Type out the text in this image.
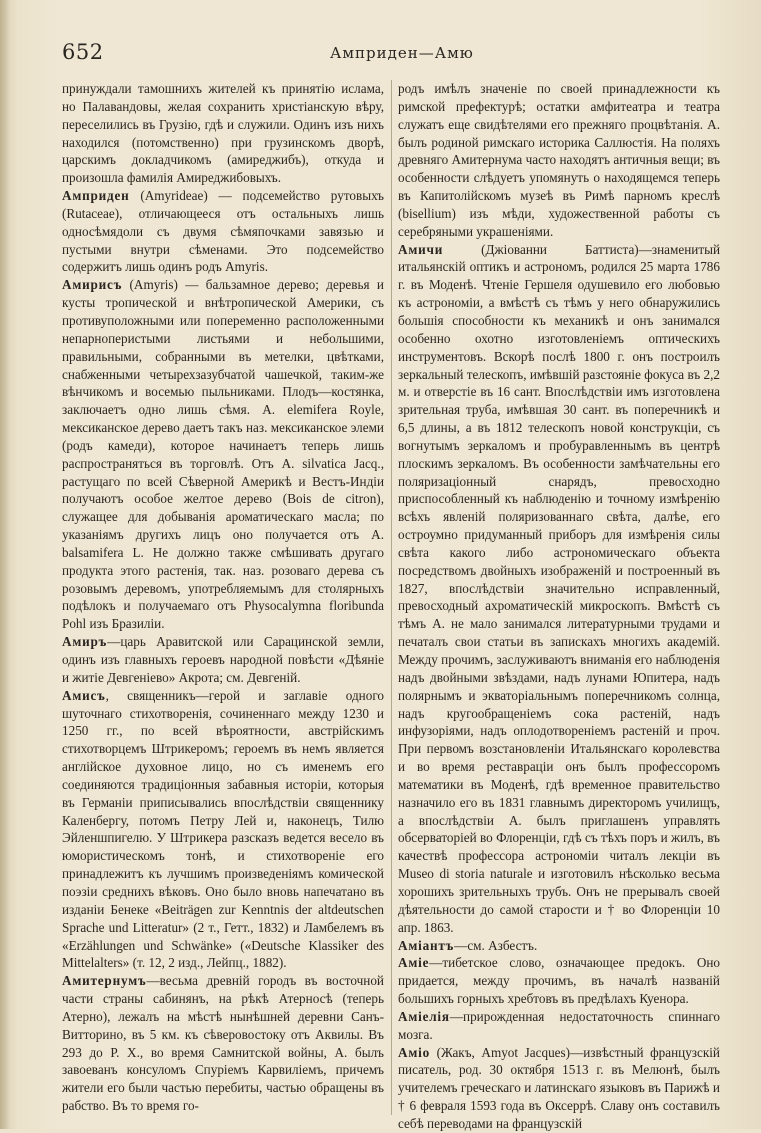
652	Амприден—Амю

принуждали тамошнихъ жителей къ принятію ислама, но Палавандовы, желая сохранить христіанскую вѣру, переселились въ Грузію, гдѣ и служили. Одинъ изъ нихъ находился (потомственно) при грузинскомъ дворѣ, царскимъ докладчикомъ (амиреджибъ), откуда и произошла фамилія Амиреджибовыхъ.

Амприден (Amyrideae) — подсемейство рутовыхъ (Rutaceae), отличающееся отъ остальныхъ лишь односѣмядоли съ двумя сѣмяпочками завязью и пустыми внутри сѣменами. Это подсемейство содержитъ лишь одинъ родъ Amyris.

Амирисъ (Amyris) — бальзамное дерево; деревья и кусты тропической и внѣтропической Америки, съ противуположными или попеременно расположенными непарноперистыми листьями и небольшими, правильными, собранными въ метелки, цвѣтками, снабженными четырехзазубчатой чашечкой, таким-же вѣнчикомъ и восемью пыльниками. Плодъ—костянка, заключаетъ одно лишь сѣмя. A. elemifera Royle, мексиканское дерево даетъ такъ наз. мексиканское элеми (родъ камеди), которое начинаетъ теперь лишь распространяться въ торговлѣ. Отъ A. silvatica Jacq., растущаго по всей Сѣверной Америкѣ и Вестъ-Индіи получаютъ особое желтое дерево (Bois de citron), служащее для добыванія ароматическаго масла; по указаніямъ другихъ лицъ оно получается отъ A. balsamifera L. Не должно также смѣшивать другаго продукта этого растенія, так. наз. розоваго дерева съ розовымъ деревомъ, употребляемымъ для столярныхъ подѣлокъ и получаемаго отъ Physocalymna floribunda Pohl изъ Бразиліи.

Амиръ—царь Аравитской или Сарацинской земли, одинъ изъ главныхъ героевъ народной повѣсти «Дѣяніе и житіе Девгеніево» Акрота; см. Девгеній.

Амисъ, священникъ—герой и заглавіе одного шуточнаго стихотворенія, сочиненнаго между 1230 и 1250 гг., по всей вѣроятности, австрійскимъ стихотворцемъ Штрикеромъ; героемъ въ немъ является англійское духовное лицо, но съ именемъ его соединяются традиціонныя забавныя исторіи, которыя въ Германіи приписывались впослѣдствіи священнику Каленбергу, потомъ Петру Лей и, наконецъ, Тилю Эйленшпигелю. У Штрикера разсказъ ведется весело въ юмористическомъ тонѣ, и стихотвореніе его принадлежитъ къ лучшимъ произведеніямъ комической поэзіи среднихъ вѣковъ. Оно было вновь напечатано въ изданіи Бенеке «Beiträgen zur Kenntnis der altdeutschen Sprache und Litteratur» (2 т., Гетт., 1832) и Ламбелемъ въ «Erzählungen und Schwänke» («Deutsche Klassiker des Mittelalters» (т. 12, 2 изд., Лейпц., 1882).

Амитернумъ—весьма древній городъ въ восточной части страны сабинянъ, на рѣкѣ Атерносѣ (теперь Атерно), лежалъ на мѣстѣ нынѣшней деревни Санъ-Витторино, въ 5 км. къ сѣверовостоку отъ Аквилы. Въ 293 до Р. Х., во время Самнитской войны, А. былъ завоеванъ консуломъ Спуріемъ Карвиліемъ, причемъ жители его были частью перебиты, частью обращены въ рабство. Въ то время го-

родъ имѣлъ значеніе по своей принадлежности къ римской префектурѣ; остатки амфитеатра и театра служатъ еще свидѣтелями его прежняго процвѣтанія. А. былъ родиной римскаго историка Саллюстія. На поляхъ древняго Амитернума часто находятъ античныя вещи; въ особенности слѣдуетъ упомянуть о находящемся теперь въ Капитолійскомъ музеѣ въ Римѣ парномъ креслѣ (bisellium) изъ мѣди, художественной работы съ серебряными украшеніями.

Амичи (Джіованни Баттиста)—знаменитый итальянскій оптикъ и астрономъ, родился 25 марта 1786 г. въ Моденѣ. Чтеніе Гершеля одушевило его любовью къ астрономіи, а вмѣстѣ съ тѣмъ у него обнаружились большія способности къ механикѣ и онъ занимался особенно охотно изготовленіемъ оптическихъ инструментовъ. Вскорѣ послѣ 1800 г. онъ построилъ зеркальный телескопъ, имѣвшій разстояніе фокуса въ 2,2 м. и отверстіе въ 16 сант. Впослѣдствіи имъ изготовлена зрительная труба, имѣвшая 30 сант. въ поперечникѣ и 6,5 длины, а въ 1812 телескопъ новой конструкціи, съ вогнутымъ зеркаломъ и пробуравленнымъ въ центрѣ плоскимъ зеркаломъ. Въ особенности замѣчательны его поляризаціонный снарядъ, превосходно приспособленный къ наблюденію и точному измѣренію всѣхъ явленій поляризованнаго свѣта, далѣе, его остроумно придуманный приборъ для измѣренія силы свѣта какого либо астрономическаго объекта посредствомъ двойныхъ изображеній и построенный въ 1827, впослѣдствіи значительно исправленный, превосходный ахроматическій микроскопъ. Вмѣстѣ съ тѣмъ А. не мало занимался литературными трудами и печаталъ свои статьи въ запискахъ многихъ академій. Между прочимъ, заслуживаютъ вниманія его наблюденія надъ двойными звѣздами, надъ лунами Юпитера, надъ полярнымъ и экваторіальнымъ поперечникомъ солнца, надъ кругообращеніемъ сока растеній, надъ инфузоріями, надъ оплодотвореніемъ растеній и проч. При первомъ возстановленіи Итальянскаго королевства и во время реставраціи онъ былъ профессоромъ математики въ Моденѣ, гдѣ временное правительство назначило его въ 1831 главнымъ директоромъ училищъ, а впослѣдствіи А. былъ приглашенъ управлять обсерваторіей во Флоренціи, гдѣ съ тѣхъ поръ и жилъ, въ качествѣ профессора астрономіи читалъ лекціи въ Museo di storia naturale и изготовилъ нѣсколько весьма хорошихъ зрительныхъ трубъ. Онъ не прерывалъ своей дѣятельности до самой старости и † во Флоренціи 10 апр. 1863.

Амiантъ—см. Азбестъ.

Амie—тибетское слово, означающее предокъ. Оно придается, между прочимъ, въ началѣ названій большихъ горныхъ хребтовъ въ предѣлахъ Куенора.

Амiелія—прирожденная недостаточность спиннаго мозга.

Амiо (Жакъ, Amyot Jacques)—извѣстный французскій писатель, род. 30 октября 1513 г. въ Мелюнѣ, былъ учителемъ греческаго и латинскаго языковъ въ Парижѣ и † 6 февраля 1593 года въ Оксеррѣ. Славу онъ составилъ себѣ переводами на французскій
